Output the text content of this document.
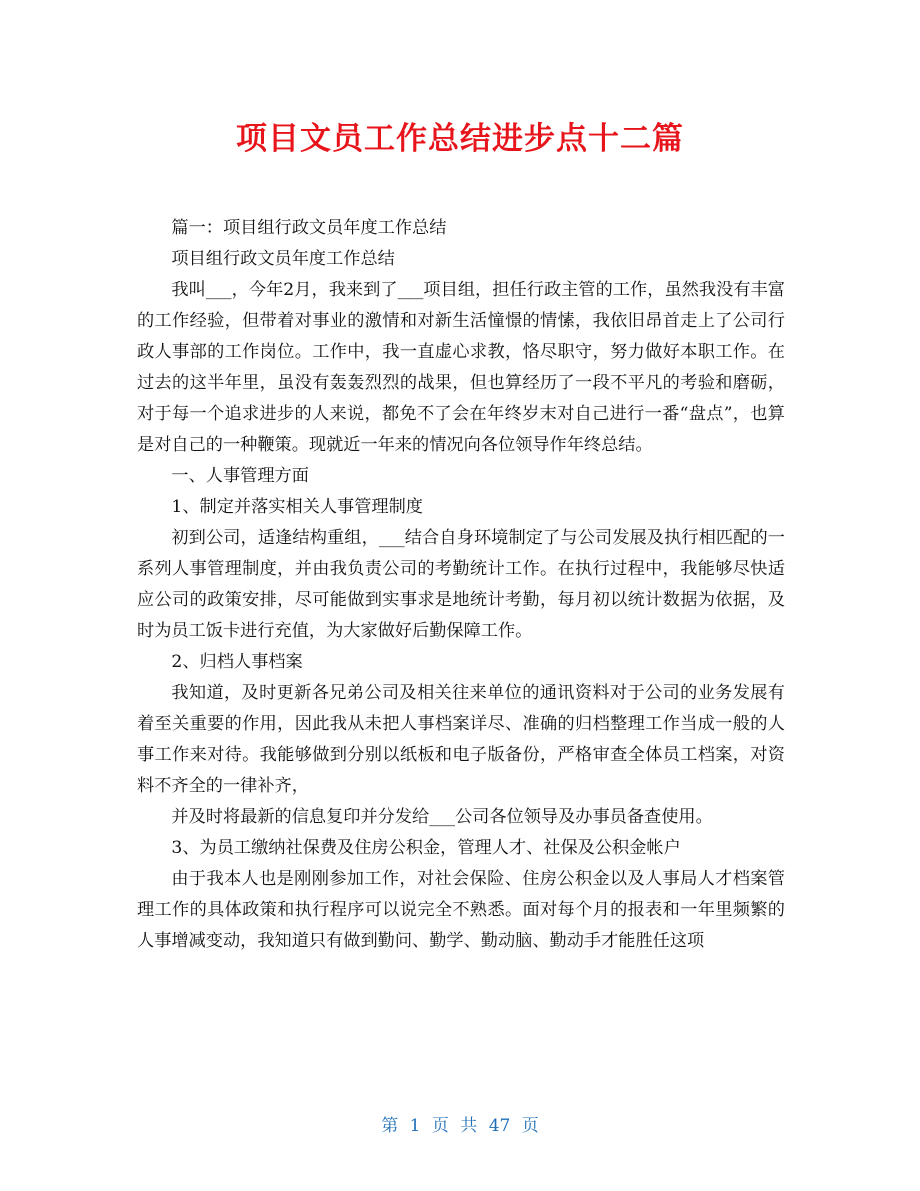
项目文员工作总结进步点十二篇

篇一：项目组行政文员年度工作总结

项目组行政文员年度工作总结

我叫___，今年2月，我来到了___项目组，担任行政主管的工作，虽然我没有丰富的工作经验，但带着对事业的激情和对新生活憧憬的情愫，我依旧昂首走上了公司行政人事部的工作岗位。工作中，我一直虚心求教，恪尽职守，努力做好本职工作。在过去的这半年里，虽没有轰轰烈烈的战果，但也算经历了一段不平凡的考验和磨砺，对于每一个追求进步的人来说，都免不了会在年终岁末对自己进行一番“盘点”，也算是对自己的一种鞭策。现就近一年来的情况向各位领导作年终总结。

一、人事管理方面

1、制定并落实相关人事管理制度

初到公司，适逢结构重组，___结合自身环境制定了与公司发展及执行相匹配的一系列人事管理制度，并由我负责公司的考勤统计工作。在执行过程中，我能够尽快适应公司的政策安排，尽可能做到实事求是地统计考勤，每月初以统计数据为依据，及时为员工饭卡进行充值，为大家做好后勤保障工作。

2、归档人事档案

我知道，及时更新各兄弟公司及相关往来单位的通讯资料对于公司的业务发展有着至关重要的作用，因此我从未把人事档案详尽、准确的归档整理工作当成一般的人事工作来对待。我能够做到分别以纸板和电子版备份，严格审查全体员工档案，对资料不齐全的一律补齐，

并及时将最新的信息复印并分发给___公司各位领导及办事员备查使用。

3、为员工缴纳社保费及住房公积金，管理人才、社保及公积金帐户

由于我本人也是刚刚参加工作，对社会保险、住房公积金以及人事局人才档案管理工作的具体政策和执行程序可以说完全不熟悉。面对每个月的报表和一年里频繁的人事增减变动，我知道只有做到勤问、勤学、勤动脑、勤动手才能胜任这项

第 1 页 共 47 页
